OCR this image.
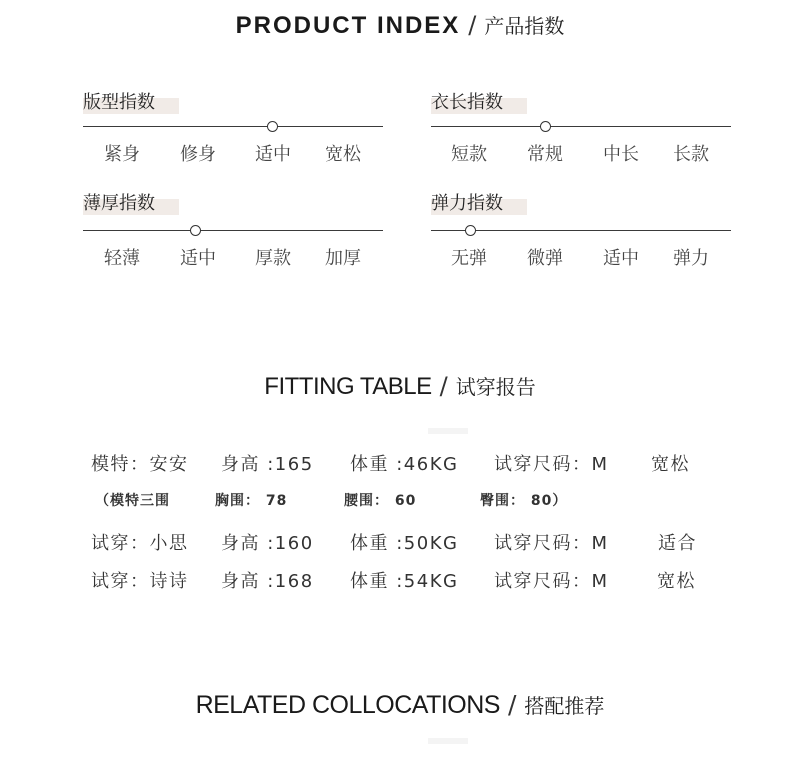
PRODUCT INDEX / 产品指数
版型指数
紧身 修身 适中 宽松
衣长指数
短款 常规 中长 长款
薄厚指数
轻薄 适中 厚款 加厚
弹力指数
无弹 微弹 适中 弹力
FITTING TABLE / 试穿报告
模特：安安 身高 :165 体重 :46KG 试穿尺码：M 宽松
（模特三围	胸围： 78	腰围： 60	臀围： 80）
试穿：小思 身高 :160 体重 :50KG 试穿尺码：M	适合
试穿：诗诗 身高 :168 体重 :54KG 试穿尺码：M	宽松
RELATED COLLOCATIONS / 搭配推荐
